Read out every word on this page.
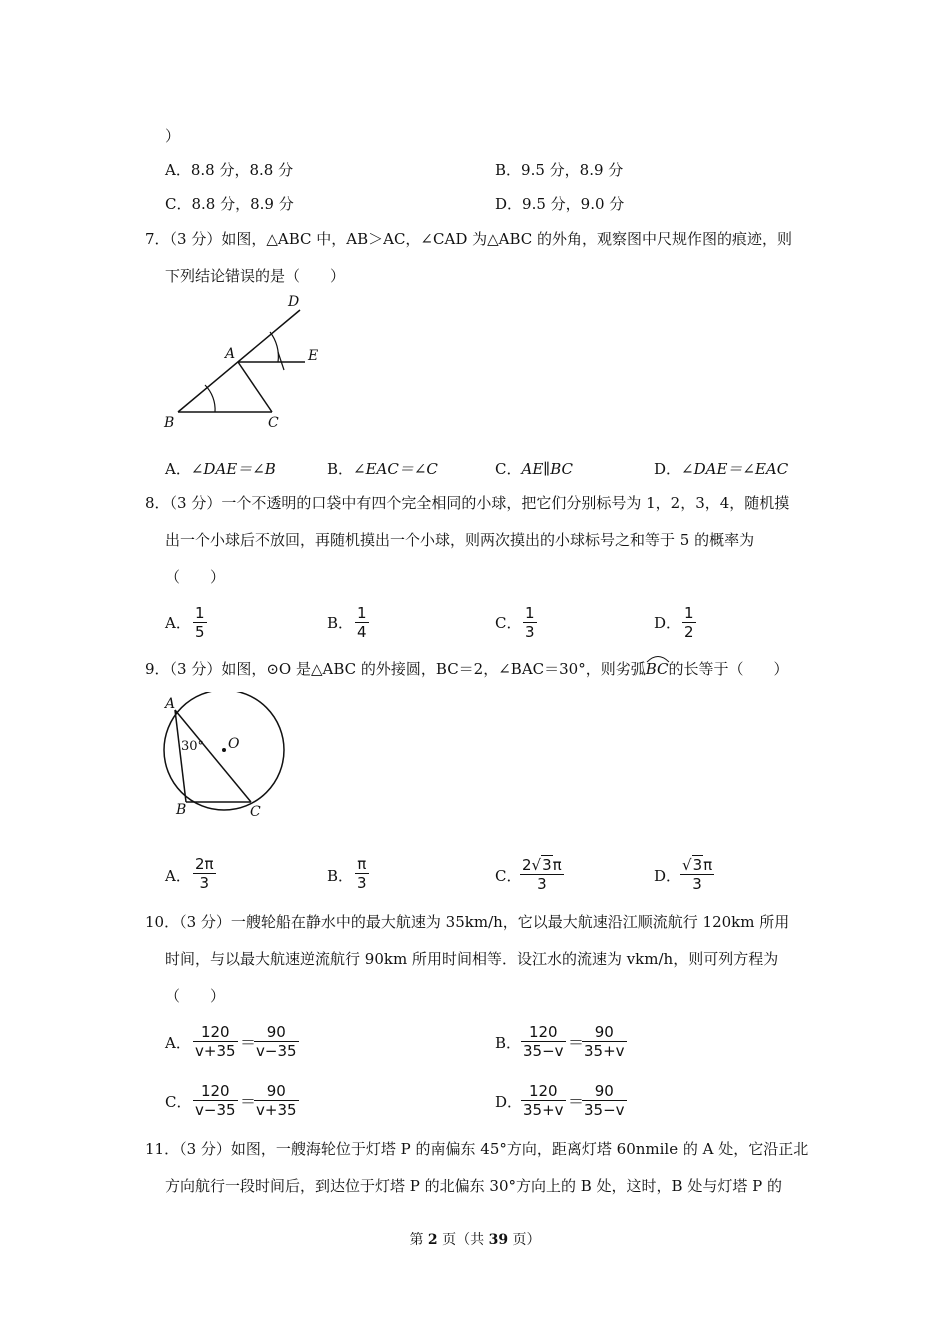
）
A．8.8 分，8.8 分	B．9.5 分，8.9 分
C．8.8 分，8.9 分	D．9.5 分，9.0 分
7．（3 分）如图，△ABC 中，AB＞AC，∠CAD 为△ABC 的外角，观察图中尺规作图的痕迹，则
下列结论错误的是（　　）
D
A	E
B	C
A．∠DAE＝∠B	B．∠EAC＝∠C	C．AE∥BC	D．∠DAE＝∠EAC
8．（3 分）一个不透明的口袋中有四个完全相同的小球，把它们分别标号为 1，2，3，4，随机摸
出一个小球后不放回，再随机摸出一个小球，则两次摸出的小球标号之和等于 5 的概率为
（　　）
A． $\frac{1}{5}$	B． $\frac{1}{4}$	C． $\frac{1}{3}$	D． $\frac{1}{2}$
9．（3 分）如图，⊙O 是△ABC 的外接圆，BC＝2，∠BAC＝30°，则劣弧
BC的长等于（　　）
A
O
B	C
30°
A． $\frac{2\pi}{3}$	B． $\frac{\pi}{3}$	C．
$\frac{2√3\pi}{3}$	D．
$\frac{√3\pi}{3}$
10．（3 分）一艘轮船在静水中的最大航速为 35km/h，它以最大航速沿江顺流航行 120km 所用
时间，与以最大航速逆流航行 90km 所用时间相等．设江水的流速为 vkm/h，则可列方程为
（　　）
A． $\frac{120}{v+35}$ ＝
$\frac{90}{v-35}$	B． $\frac{120}{35-v}$ ＝
$\frac{90}{35+v}$
C． $\frac{120}{v-35}$ ＝
$\frac{90}{v+35}$	D．
$\frac{120}{35+v}$ ＝
$\frac{90}{35-v}$
11．（3 分）如图，一艘海轮位于灯塔 P 的南偏东 45°方向，距离灯塔 60nmile 的 A 处，它沿正北
方向航行一段时间后，到达位于灯塔 P 的北偏东 30°方向上的 B 处，这时，B 处与灯塔 P 的
第 2 页（共 39 页）
